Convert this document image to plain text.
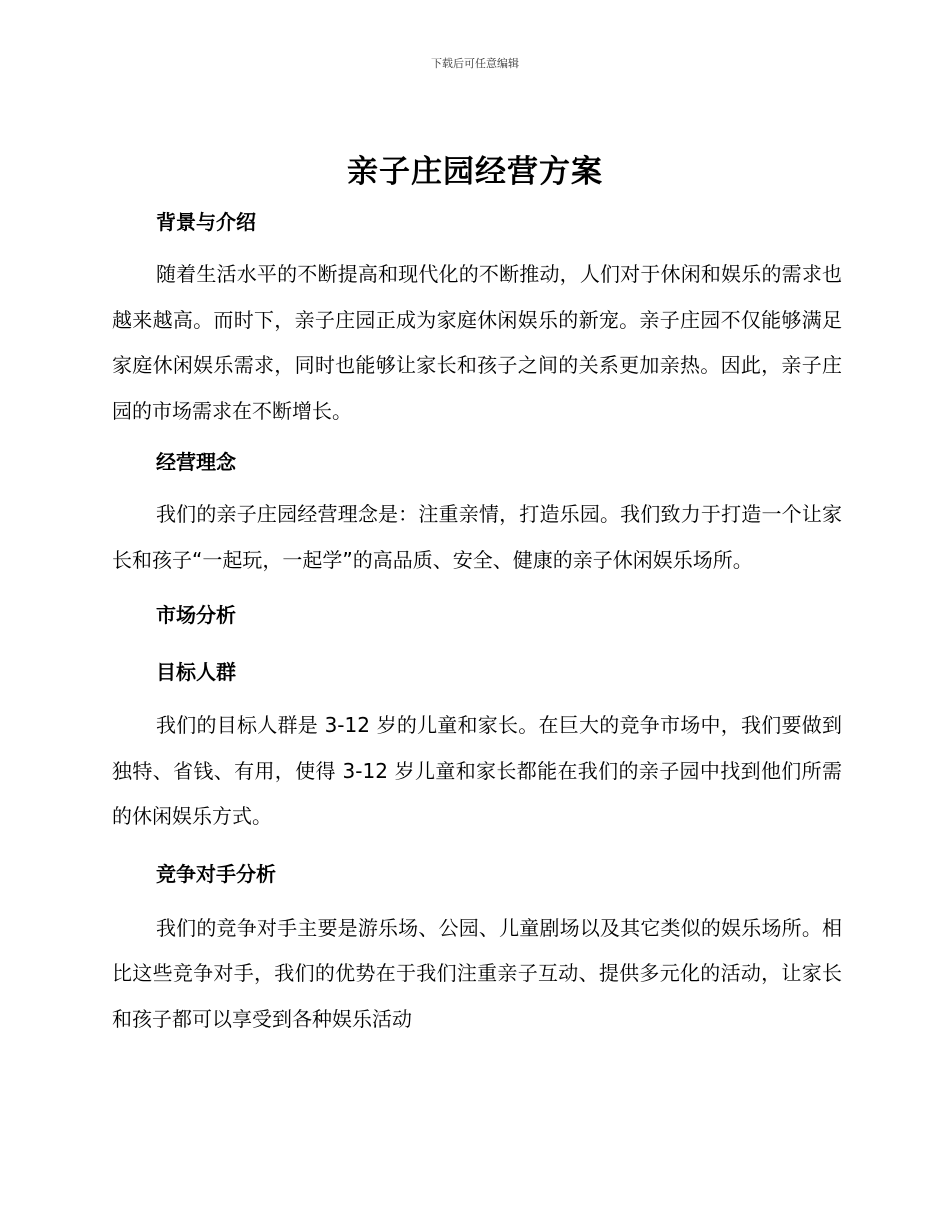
下载后可任意编辑
亲子庄园经营方案
背景与介绍

随着生活水平的不断提高和现代化的不断推动，人们对于休闲和娱乐的需求也越来越高。而时下，亲子庄园正成为家庭休闲娱乐的新宠。亲子庄园不仅能够满足家庭休闲娱乐需求，同时也能够让家长和孩子之间的关系更加亲热。因此，亲子庄园的市场需求在不断增长。

经营理念

我们的亲子庄园经营理念是：注重亲情，打造乐园。我们致力于打造一个让家长和孩子“一起玩，一起学”的高品质、安全、健康的亲子休闲娱乐场所。

市场分析
目标人群

我们的目标人群是 3-12 岁的儿童和家长。在巨大的竞争市场中，我们要做到独特、省钱、有用，使得 3-12 岁儿童和家长都能在我们的亲子园中找到他们所需的休闲娱乐方式。

竞争对手分析

我们的竞争对手主要是游乐场、公园、儿童剧场以及其它类似的娱乐场所。相比这些竞争对手，我们的优势在于我们注重亲子互动、提供多元化的活动，让家长和孩子都可以享受到各种娱乐活动
